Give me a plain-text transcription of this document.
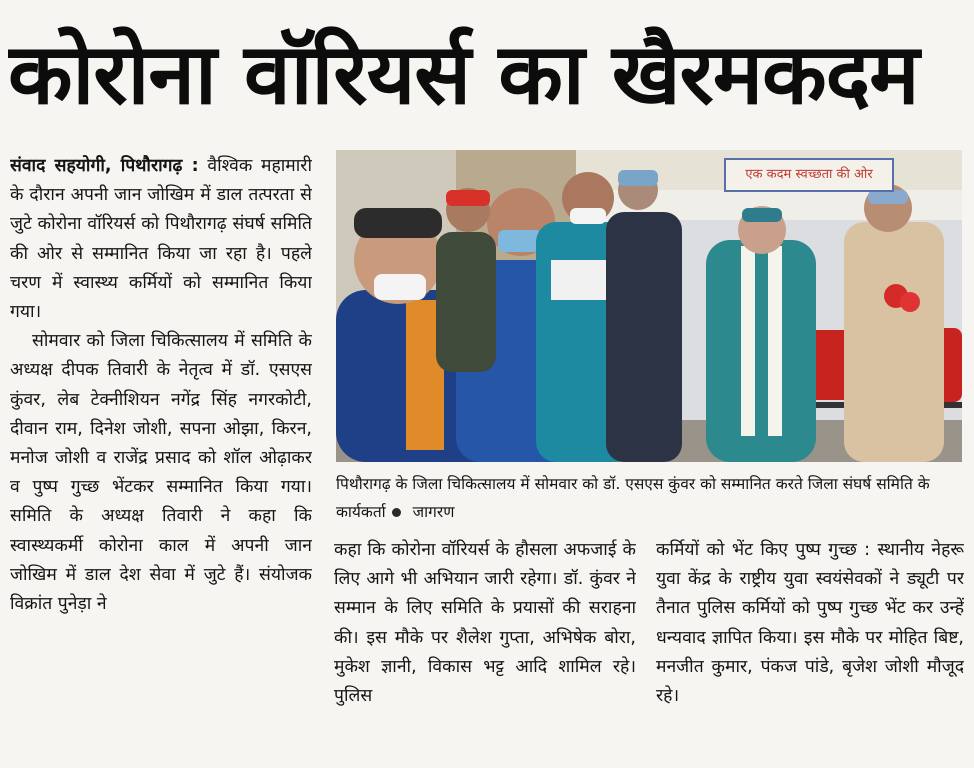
कोरोना वॉरियर्स का खैरमकदम

संवाद सहयोगी, पिथौरागढ़ : वैश्विक महामारी के दौरान अपनी जान जोखिम में डाल तत्परता से जुटे कोरोना वॉरियर्स को पिथौरागढ़ संघर्ष समिति की ओर से सम्मानित किया जा रहा है। पहले चरण में स्वास्थ्य कर्मियों को सम्मानित किया गया।

सोमवार को जिला चिकित्सालय में समिति के अध्यक्ष दीपक तिवारी के नेतृत्व में डॉ. एसएस कुंवर, लेब टेक्नीशियन नगेंद्र सिंह नगरकोटी, दीवान राम, दिनेश जोशी, सपना ओझा, किरन, मनोज जोशी व राजेंद्र प्रसाद को शॉल ओढ़ाकर व पुष्प गुच्छ भेंटकर सम्मानित किया गया। समिति के अध्यक्ष तिवारी ने कहा कि स्वास्थ्यकर्मी कोरोना काल में अपनी जान जोखिम में डाल देश सेवा में जुटे हैं। संयोजक विक्रांत पुनेड़ा ने

एक कदम स्वच्छता की ओर
पिथौरागढ़ के जिला चिकित्सालय में सोमवार को डॉ. एसएस कुंवर को सम्मानित करते जिला संघर्ष समिति के कार्यकर्ता जागरण

कहा कि कोरोना वॉरियर्स के हौसला अफजाई के लिए आगे भी अभियान जारी रहेगा। डॉ. कुंवर ने सम्मान के लिए समिति के प्रयासों की सराहना की। इस मौके पर शैलेश गुप्ता, अभिषेक बोरा, मुकेश ज्ञानी, विकास भट्ट आदि शामिल रहे। पुलिस

कर्मियों को भेंट किए पुष्प गुच्छ : स्थानीय नेहरू युवा केंद्र के राष्ट्रीय युवा स्वयंसेवकों ने ड्यूटी पर तैनात पुलिस कर्मियों को पुष्प गुच्छ भेंट कर उन्हें धन्यवाद ज्ञापित किया। इस मौके पर मोहित बिष्ट, मनजीत कुमार, पंकज पांडे, बृजेश जोशी मौजूद रहे।
